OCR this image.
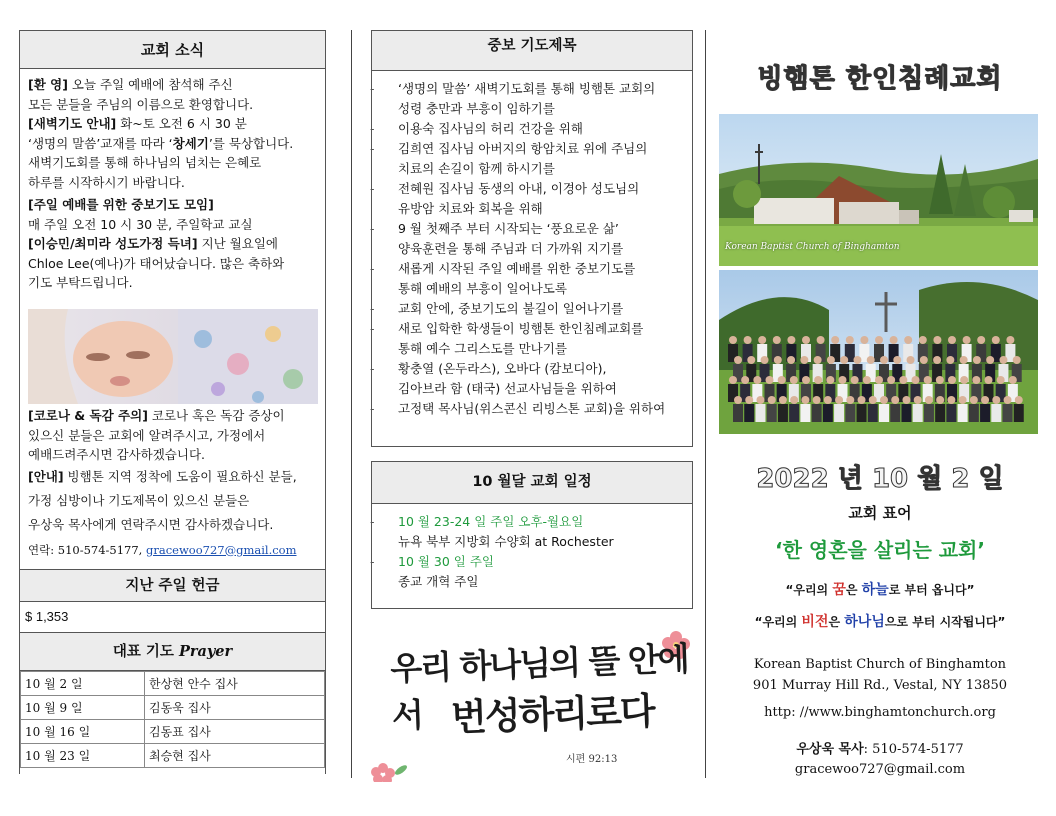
교회 소식

[환 영] 오늘 주일 예배에 참석해 주신

모든 분들을 주님의 이름으로 환영합니다.

[새벽기도 안내] 화~토 오전 6 시 30 분

‘생명의 말씀’교재를 따라 ‘창세기’를 묵상합니다.

새벽기도회를 통해 하나님의 넘치는 은혜로

하루를 시작하시기 바랍니다.

[주일 예배를 위한 중보기도 모임]

매 주일 오전 10 시 30 분, 주일학교 교실

[이승민/최미라 성도가정 득녀] 지난 월요일에

Chloe Lee(예나)가 태어났습니다. 많은 축하와

기도 부탁드립니다.

[코로나 & 독감 주의] 코로나 혹은 독감 증상이

있으신 분들은 교회에 알려주시고, 가정에서

예배드려주시면 감사하겠습니다.

[안내] 빙햄톤 지역 정착에 도움이 필요하신 분들,

가정 심방이나 기도제목이 있으신 분들은

우상욱 목사에게 연락주시면 감사하겠습니다.

연락: 510-574-5177, gracewoo727@gmail.com

지난 주일 헌금
$ 1,353
대표 기도 Prayer
10 월 2 일	한상현 안수 집사
10 월 9 일	김동욱 집사
10 월 16 일	김동표 집사
10 월 23 일	최승현 집사
중보 기도제목
- ‘생명의 말씀’ 새벽기도회를 통해 빙햄톤 교회의
성령 충만과 부흥이 임하기를
- 이용숙 집사님의 허리 건강을 위해
- 김희연 집사님 아버지의 항암치료 위에 주님의
치료의 손길이 함께 하시기를
- 전혜원 집사님 동생의 아내, 이경아 성도님의
유방암 치료와 회복을 위해
- 9 월 첫째주 부터 시작되는 ‘풍요로운 삶’
양육훈련을 통해 주님과 더 가까워 지기를
- 새롭게 시작된 주일 예배를 위한 중보기도를
통해 예배의 부흥이 일어나도록
- 교회 안에, 중보기도의 불길이 일어나기를
- 새로 입학한 학생들이 빙햄톤 한인침례교회를
통해 예수 그리스도를 만나기를
- 황충열 (온두라스), 오바다 (캄보디아),
김아브라 함 (태국) 선교사님들을 위하여
- 고정택 목사님(위스콘신 리빙스톤 교회)을 위하여
10 월달 교회 일정
- 10 월 23-24 일 주일 오후-월요일
뉴욕 북부 지방회 수양회 at Rochester
- 10 월 30 일 주일
종교 개혁 주일
우리 하나님의 뜰 안에서 번성하리로다
시편 92:13
빙햄톤 한인침례교회
Korean Baptist Church of Binghamton
2022 년 10 월 2 일
교회 표어
‘한 영혼을 살리는 교회’
“우리의 꿈은 하늘로 부터 옵니다”
“우리의 비전은 하나님으로 부터 시작됩니다”
Korean Baptist Church of Binghamton
901 Murray Hill Rd., Vestal, NY 13850
http: //www.binghamtonchurch.org
우상욱 목사: 510-574-5177
gracewoo727@gmail.com
